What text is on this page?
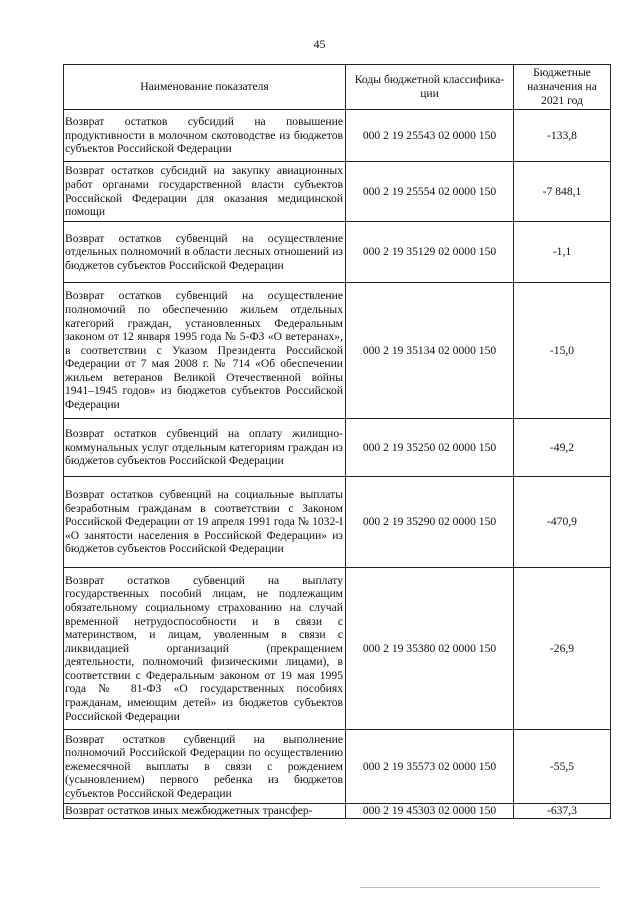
45
Наименование показателя	Коды бюджетной классифика-ции	Бюджетные назначения на 2021 год
Возврат остатков субсидий на повышение продуктивности в молочном скотоводстве из бюджетов субъектов Российской Федерации	000 2 19 25543 02 0000 150	-133,8
Возврат остатков субсидий на закупку авиационных работ органами государственной власти субъектов Российской Федерации для оказания медицинской помощи	000 2 19 25554 02 0000 150	-7 848,1
Возврат остатков субвенций на осуществление отдельных полномочий в области лесных отношений из бюджетов субъектов Российской Федерации	000 2 19 35129 02 0000 150	-1,1
Возврат остатков субвенций на осуществление полномочий по обеспечению жильем отдельных категорий граждан, установленных Федеральным законом от 12 января 1995 года № 5-ФЗ «О ветеранах», в соответствии с Указом Президента Российской Федерации от 7 мая 2008 г. № 714 «Об обеспечении жильем ветеранов Великой Отечественной войны 1941–1945 годов» из бюджетов субъектов Российской Федерации	000 2 19 35134 02 0000 150	-15,0
Возврат остатков субвенций на оплату жилищно-коммунальных услуг отдельным категориям граждан из бюджетов субъектов Российской Федерации	000 2 19 35250 02 0000 150	-49,2
Возврат остатков субвенций на социальные выплаты безработным гражданам в соответствии с Законом Российской Федерации от 19 апреля 1991 года № 1032-I «О занятости населения в Российской Федерации» из бюджетов субъектов Российской Федерации	000 2 19 35290 02 0000 150	-470,9
Возврат остатков субвенций на выплату государственных пособий лицам, не подлежащим обязательному социальному страхованию на случай временной нетрудоспособности и в связи с материнством, и лицам, уволенным в связи с ликвидацией организаций (прекращением деятельности, полномочий физическими лицами), в соответствии с Федеральным законом от 19 мая 1995 года № 81-ФЗ «О государственных пособиях гражданам, имеющим детей» из бюджетов субъектов Российской Федерации	000 2 19 35380 02 0000 150	-26,9
Возврат остатков субвенций на выполнение полномочий Российской Федерации по осуществлению ежемесячной выплаты в связи с рождением (усыновлением) первого ребенка из бюджетов субъектов Российской Федерации	000 2 19 35573 02 0000 150	-55,5
Возврат остатков иных межбюджетных трансфер-	000 2 19 45303 02 0000 150	-637,3
